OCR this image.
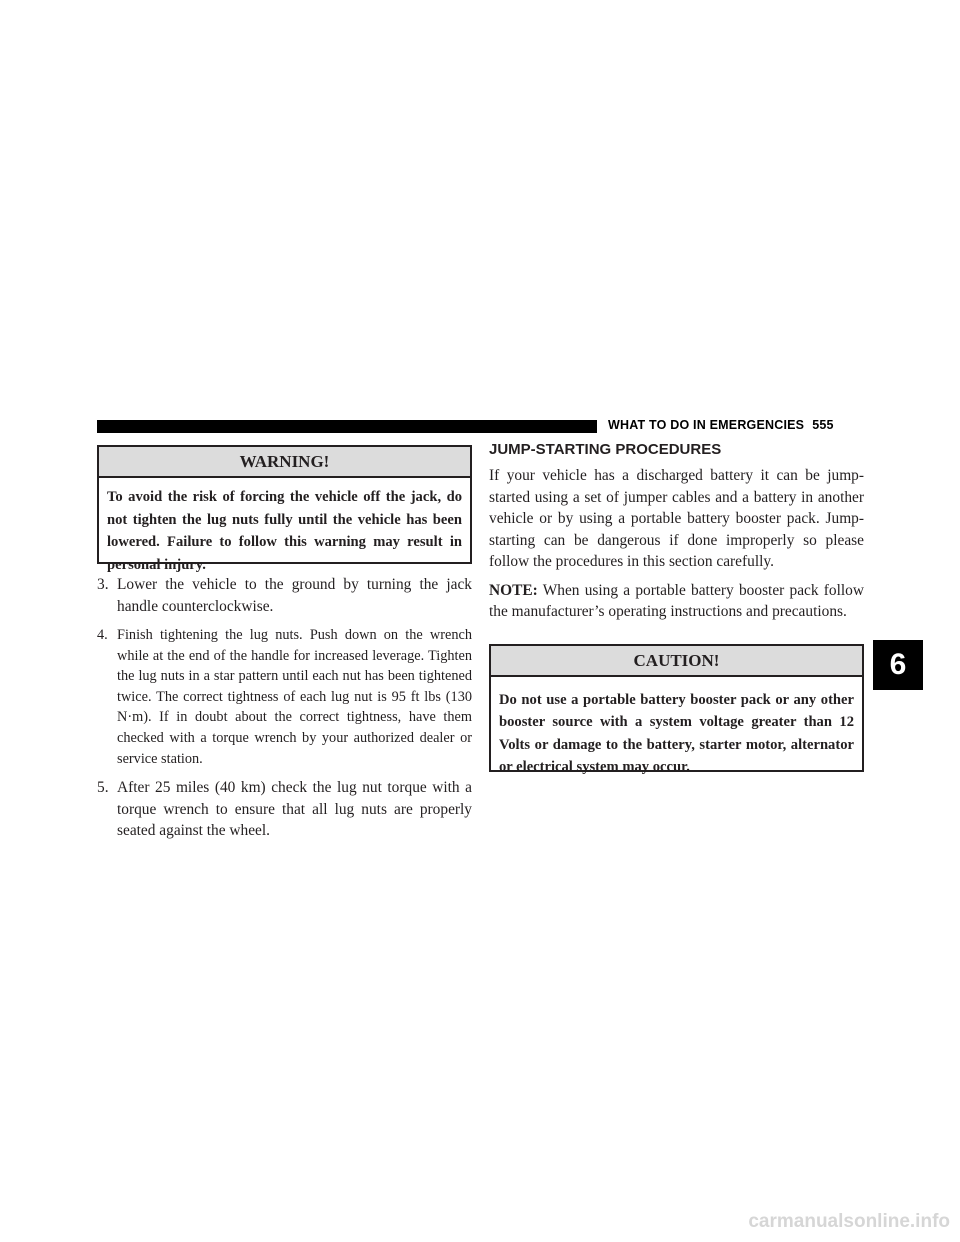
WHAT TO DO IN EMERGENCIES 555
WARNING!
To avoid the risk of forcing the vehicle off the jack, do not tighten the lug nuts fully until the vehicle has been lowered. Failure to follow this warning may result in personal injury.
3. Lower the vehicle to the ground by turning the jack handle counterclockwise.
4. Finish tightening the lug nuts. Push down on the wrench while at the end of the handle for increased leverage. Tighten the lug nuts in a star pattern until each nut has been tightened twice. The correct tightness of each lug nut is 95 ft lbs (130 N·m). If in doubt about the correct tightness, have them checked with a torque wrench by your authorized dealer or service station.
5. After 25 miles (40 km) check the lug nut torque with a torque wrench to ensure that all lug nuts are properly seated against the wheel.
JUMP-STARTING PROCEDURES

If your vehicle has a discharged battery it can be jump-started using a set of jumper cables and a battery in another vehicle or by using a portable battery booster pack. Jump-starting can be dangerous if done improperly so please follow the procedures in this section carefully.

NOTE: When using a portable battery booster pack follow the manufacturer’s operating instructions and precautions.

CAUTION!
Do not use a portable battery booster pack or any other booster source with a system voltage greater than 12 Volts or damage to the battery, starter motor, alternator or electrical system may occur.
6
carmanualsonline.info
